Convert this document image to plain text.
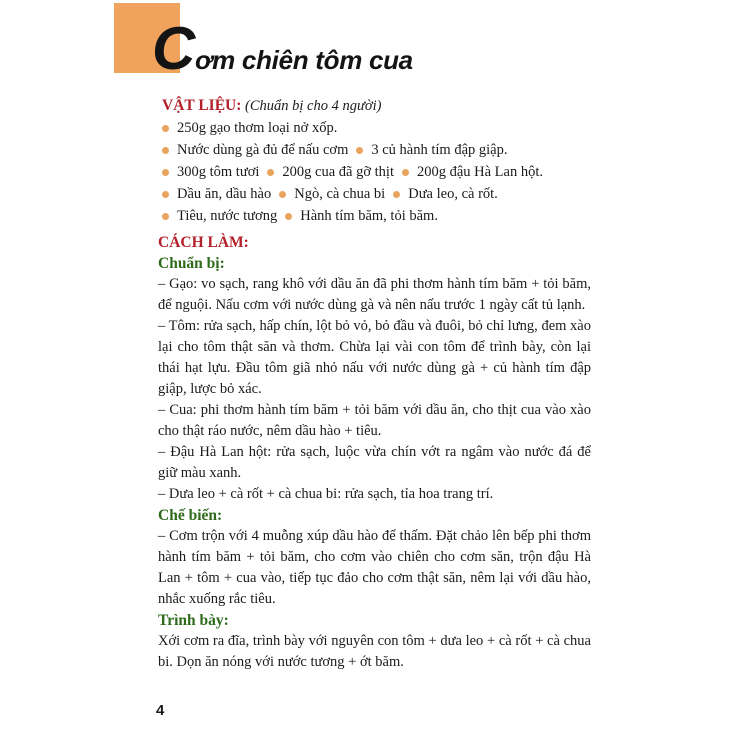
Cơm chiên tôm cua
VẬT LIỆU: (Chuẩn bị cho 4 người)
250g gạo thơm loại nở xốp.
Nước dùng gà đủ để nấu cơm 3 củ hành tím đập giập.
300g tôm tươi 200g cua đã gỡ thịt 200g đậu Hà Lan hột.
Dầu ăn, dầu hào Ngò, cà chua bi Dưa leo, cà rốt.
Tiêu, nước tương Hành tím băm, tỏi băm.
CÁCH LÀM:
Chuẩn bị:

– Gạo: vo sạch, rang khô với dầu ăn đã phi thơm hành tím băm + tỏi băm, để nguội. Nấu cơm với nước dùng gà và nên nấu trước 1 ngày cất tủ lạnh.

– Tôm: rửa sạch, hấp chín, lột bỏ vỏ, bỏ đầu và đuôi, bỏ chỉ lưng, đem xào lại cho tôm thật săn và thơm. Chừa lại vài con tôm để trình bày, còn lại thái hạt lựu. Đầu tôm giã nhỏ nấu với nước dùng gà + củ hành tím đập giập, lược bỏ xác.

– Cua: phi thơm hành tím băm + tỏi băm với dầu ăn, cho thịt cua vào xào cho thật ráo nước, nêm dầu hào + tiêu.

– Đậu Hà Lan hột: rửa sạch, luộc vừa chín vớt ra ngâm vào nước đá để giữ màu xanh.

– Dưa leo + cà rốt + cà chua bi: rửa sạch, tỉa hoa trang trí.

Chế biến:

– Cơm trộn với 4 muỗng xúp dầu hào để thấm. Đặt chảo lên bếp phi thơm hành tím băm + tỏi băm, cho cơm vào chiên cho cơm săn, trộn đậu Hà Lan + tôm + cua vào, tiếp tục đảo cho cơm thật săn, nêm lại với dầu hào, nhắc xuống rắc tiêu.

Trình bày:

Xới cơm ra đĩa, trình bày với nguyên con tôm + dưa leo + cà rốt + cà chua bi. Dọn ăn nóng với nước tương + ớt băm.

4
